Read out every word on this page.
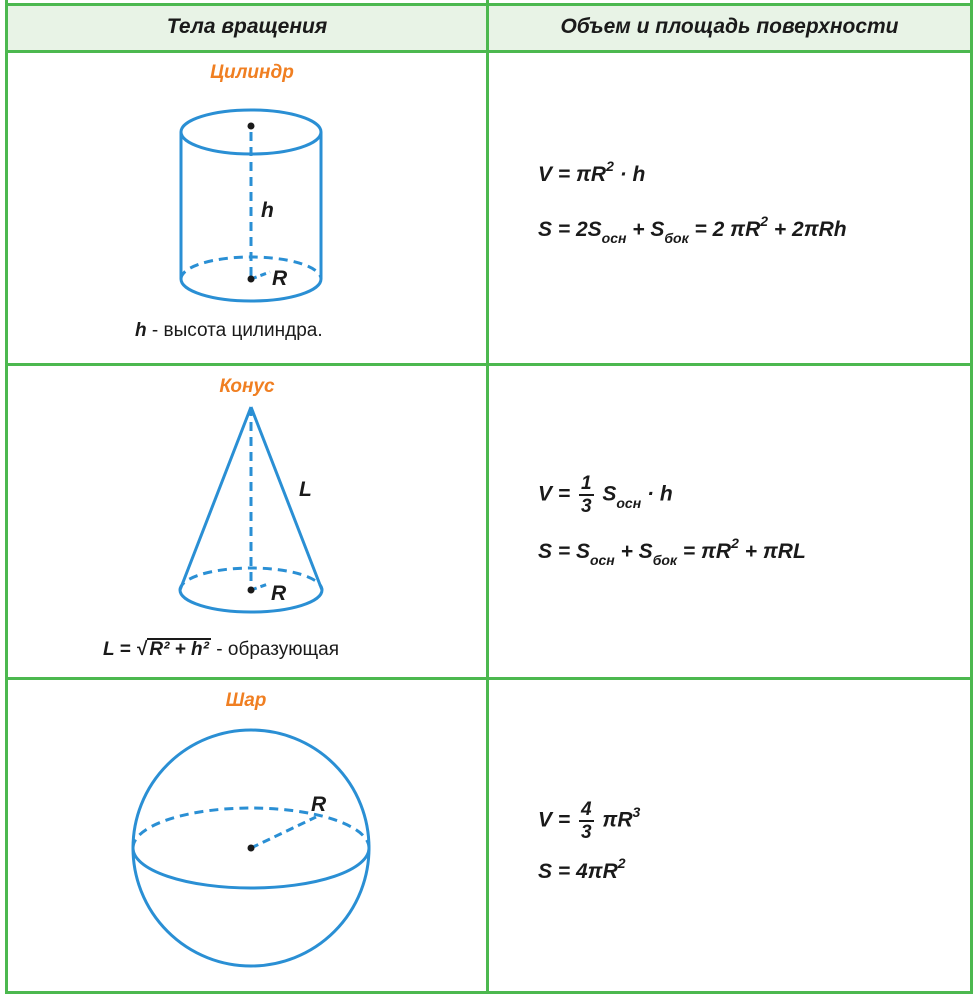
Тела вращения	Объем и площадь поверхности
Цилиндр
h
R
h - высота цилиндра.
$V = \pi R^2 \cdot h$
$S = 2S_{осн} + S_{бок} = 2$ $\pi R^2 + 2\pi Rh$
Конус
L
R
L = √ R² + h² - образующая
$V = \frac{1}{3} S_{осн} \cdot h$
$S = S_{осн} + S_{бок} = \pi R^2 + \pi RL$
Шар
R
$V = \frac{4}{3} \pi R^3$
$S = 4\pi R^2$
